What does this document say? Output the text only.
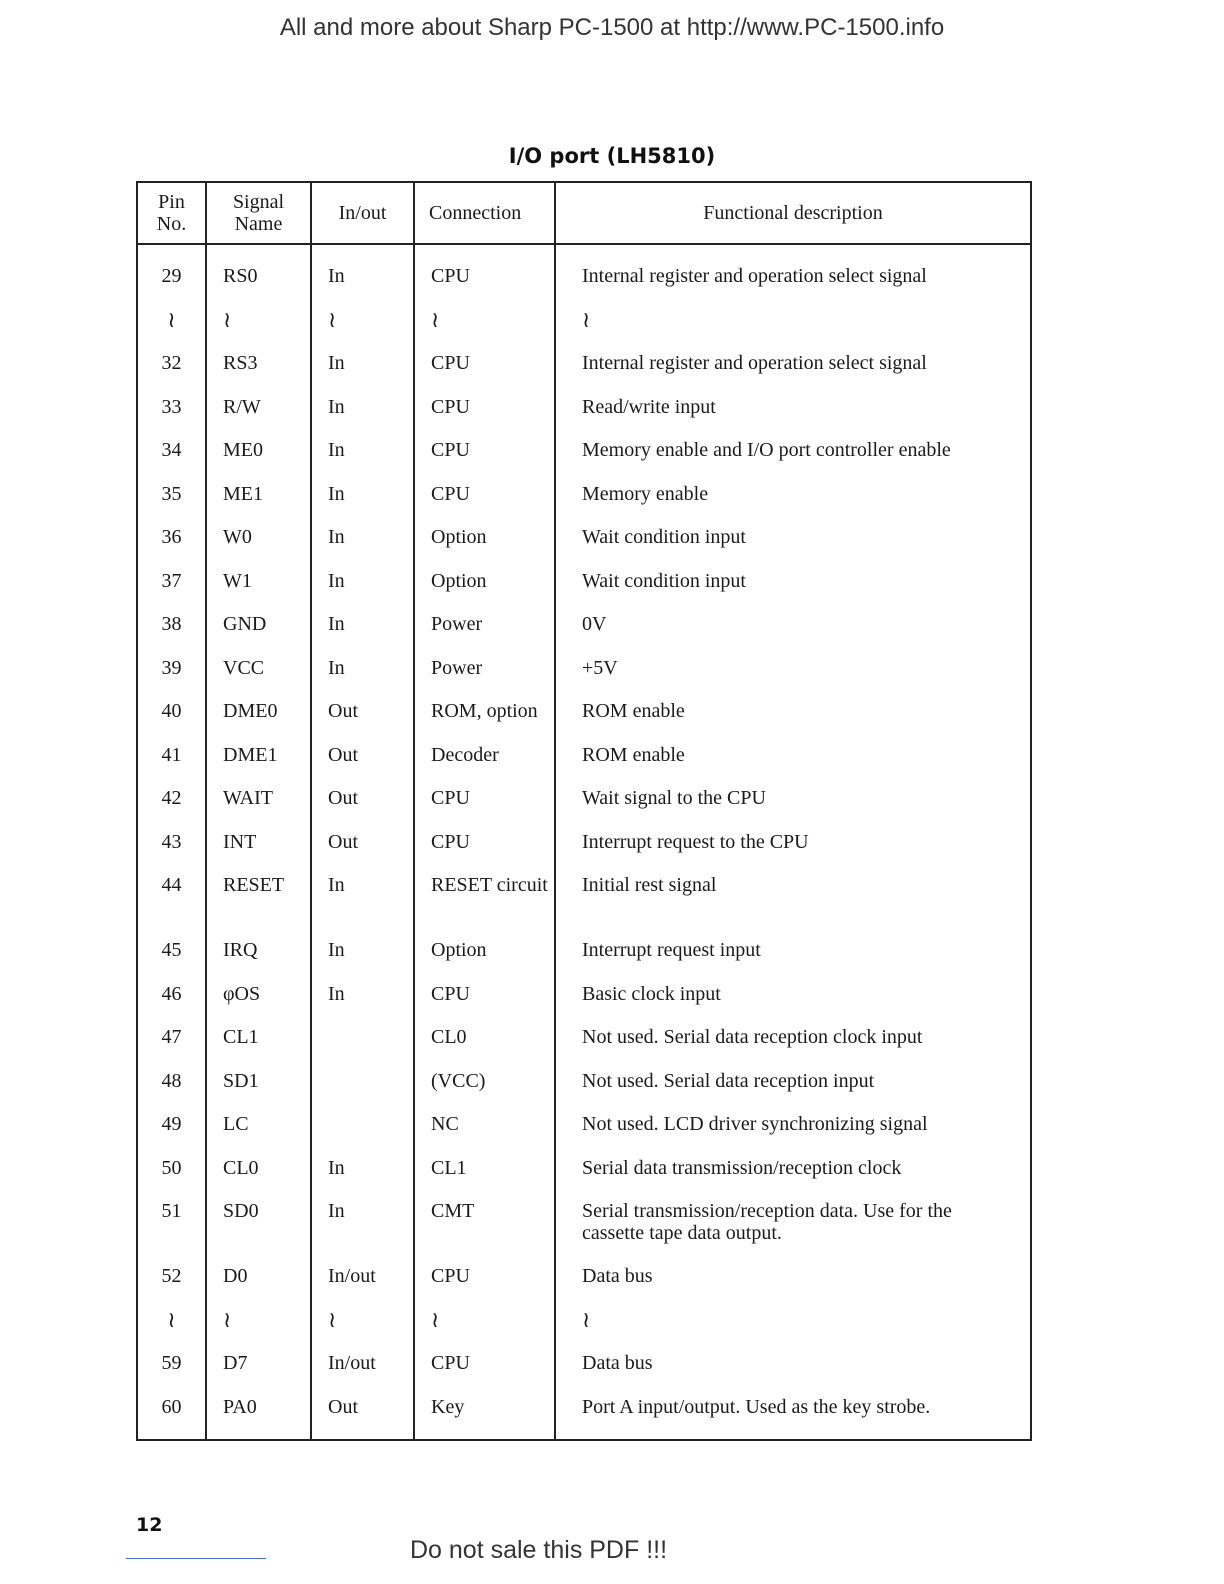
All and more about Sharp PC-1500 at http://www.PC-1500.info
I/O port (LH5810)
Pin No.	Signal Name	In/out	Connection	Functional description

29	RS0	In	CPU	Internal register and operation select signal
≀	≀	≀	≀	≀
32	RS3	In	CPU	Internal register and operation select signal
33	R/W	In	CPU	Read/write input
34	ME0	In	CPU	Memory enable and I/O port controller enable
35	ME1	In	CPU	Memory enable
36	W0	In	Option	Wait condition input
37	W1	In	Option	Wait condition input
38	GND	In	Power	0V
39	VCC	In	Power	+5V
40	DME0	Out	ROM, option	ROM enable
41	DME1	Out	Decoder	ROM enable
42	WAIT	Out	CPU	Wait signal to the CPU
43	INT	Out	CPU	Interrupt request to the CPU
44	RESET	In	RESET circuit	Initial rest signal
45	IRQ	In	Option	Interrupt request input
46	φOS	In	CPU	Basic clock input
47	CL1		CL0	Not used. Serial data reception clock input
48	SD1		(VCC)	Not used. Serial data reception input
49	LC		NC	Not used. LCD driver synchronizing signal
50	CL0	In	CL1	Serial data transmission/reception clock
51	SD0	In	CMT	Serial transmission/reception data. Use for the cassette tape data output.
52	D0	In/out	CPU	Data bus
≀	≀	≀	≀	≀
59	D7	In/out	CPU	Data bus
60	PA0	Out	Key	Port A input/output. Used as the key strobe.
12
Do not sale this PDF !!!
